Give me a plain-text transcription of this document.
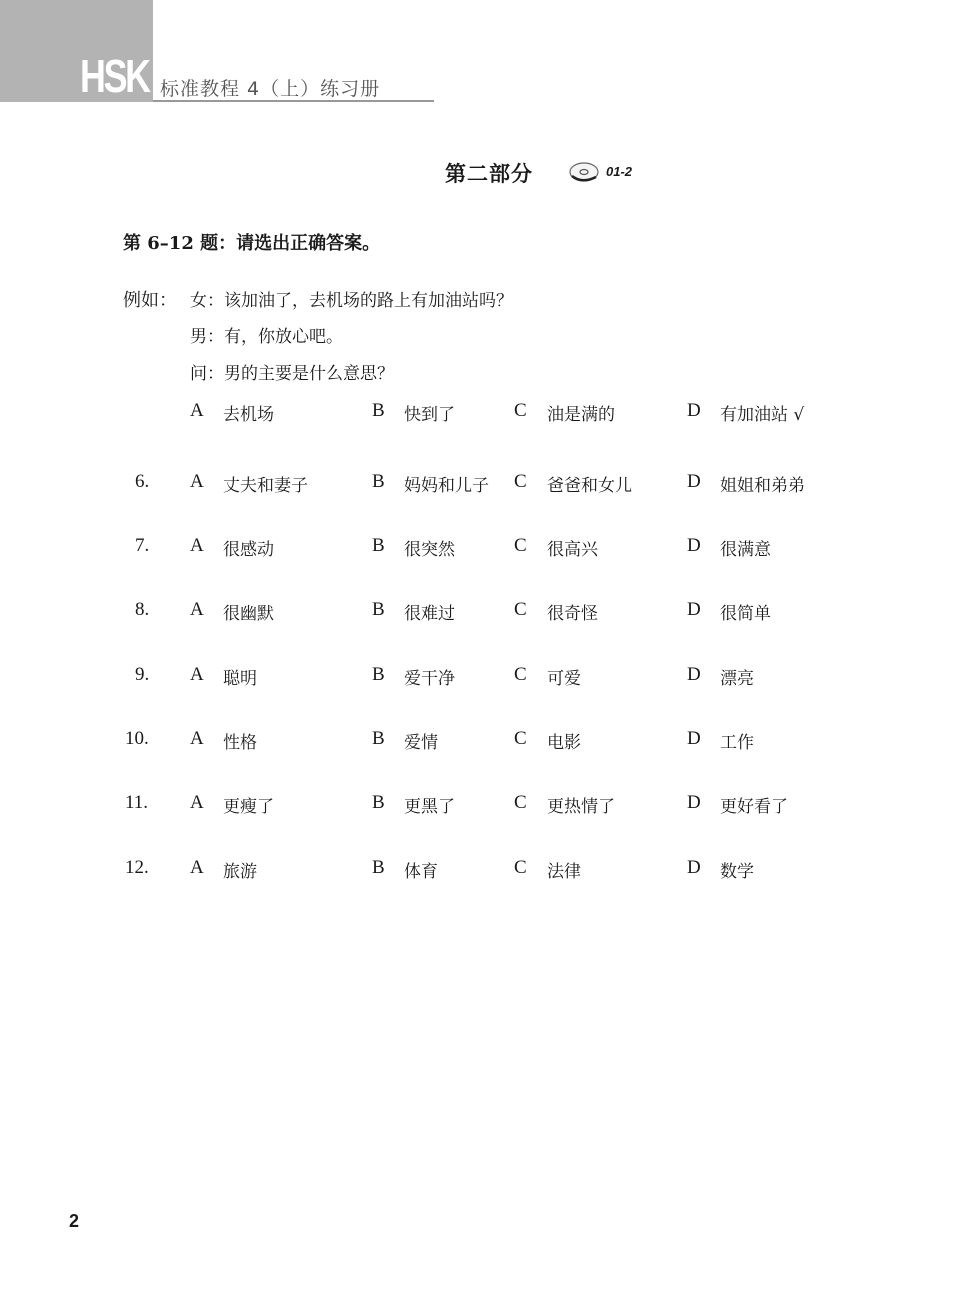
HSK 标准教程 4（上）练习册
第二部分	01-2
第 6–12 题：请选出正确答案。
例如： 女：该加油了，去机场的路上有加油站吗？
男：有，你放心吧。
问：男的主要是什么意思？
A 去机场	B 快到了	C 油是满的	D 有加油站 √
6. A 丈夫和妻子	B 妈妈和儿子 C 爸爸和女儿	D 姐姐和弟弟
7. A 很感动	B 很突然	C 很高兴	D 很满意
8. A 很幽默	B 很难过	C 很奇怪	D 很简单
9. A 聪明	B 爱干净	C 可爱	D 漂亮
10. A 性格	B 爱情	C 电影	D 工作
11. A 更瘦了	B 更黑了	C 更热情了	D 更好看了
12. A 旅游	B 体育	C 法律	D 数学
2
